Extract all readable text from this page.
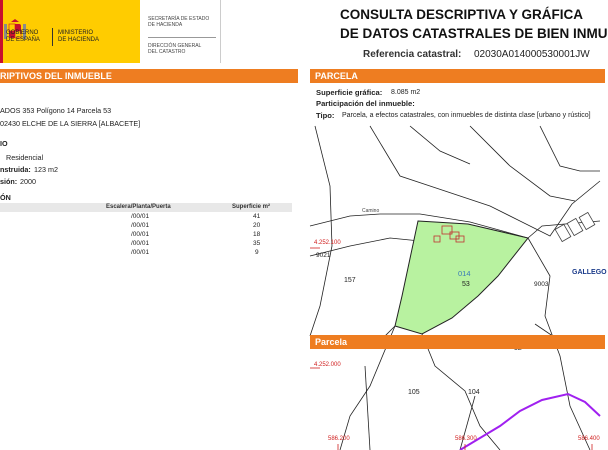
GOBIERNO
DE ESPAÑA
MINISTERIO
DE HACIENDA
SECRETARÍA DE ESTADO
DE HACIENDA
DIRECCIÓN GENERAL
DEL CATASTRO
CONSULTA DESCRIPTIVA Y GRÁFICA
DE DATOS CATASTRALES DE BIEN INMU
Referencia catastral: 02030A014000530001JW
RIPTIVOS DEL INMUEBLE
ADOS 353 Polígono 14 Parcela 53
02430 ELCHE DE LA SIERRA [ALBACETE]
IO
Residencial
nstruida: 123 m2
sión: 2000
ÓN
Escalera/Planta/Puerta	Superficie m²
/00/01	41
/00/01	20
/00/01	18
/00/01	35
/00/01	9
PARCELA
Superficie gráfica: 8.085 m2
Participación del inmueble:
Tipo: Parcela, a efectos catastrales, con inmuebles de distinta clase [urbano y rústico]
4.252.100
4.252.000
586.200	586.300	586.400
Camino
GALLEGO
9021
9003
157
014
53
105	104
Parcela
